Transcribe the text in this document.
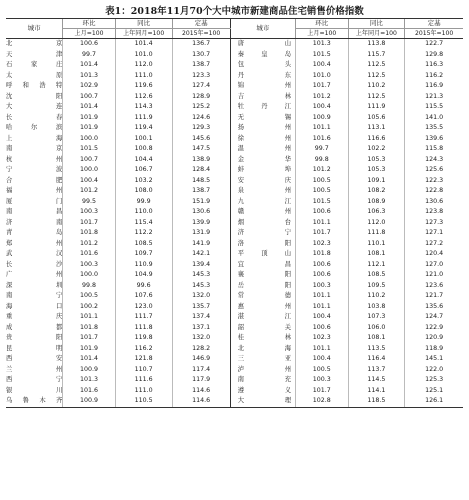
表1：2018年11月70个大中城市新建商品住宅销售价格指数
城市	环比	同比	定基	城市	环比	同比	定基
	上月=100	上年同月=100	2015年=100		上月=100	上年同月=100	2015年=100
北京	100.6	101.4	136.7	唐山	101.3	113.8	122.7
天津	99.7	101.0	130.7	秦皇岛	101.5	115.7	129.8
石家庄	101.4	112.0	138.7	包头	100.4	112.5	116.3
太原	101.3	111.0	123.3	丹东	101.0	112.5	116.2
呼和浩特	102.9	119.6	127.4	锦州	101.7	110.2	116.9
沈阳	100.7	112.6	128.9	吉林	101.2	112.5	121.3
大连	101.4	114.3	125.2	牡丹江	100.4	111.9	115.5
长春	101.9	111.9	124.6	无锡	100.9	105.6	141.0
哈尔滨	101.9	119.4	129.3	扬州	101.1	113.1	135.5
上海	100.0	100.1	145.6	徐州	101.6	116.6	139.6
南京	101.5	100.8	147.5	温州	99.7	102.2	115.8
杭州	100.7	104.4	138.9	金华	99.8	105.3	124.3
宁波	100.0	106.7	128.4	蚌埠	101.2	105.3	125.6
合肥	100.4	103.2	148.5	安庆	100.5	109.1	122.3
福州	101.2	108.0	138.7	泉州	100.5	108.2	122.8
厦门	99.5	99.9	151.9	九江	101.5	108.9	130.6
南昌	100.3	110.0	130.6	赣州	100.6	106.3	123.8
济南	101.7	115.4	139.9	烟台	101.1	112.0	127.3
青岛	101.8	112.2	131.9	济宁	101.7	111.8	127.1
郑州	101.2	108.5	141.9	洛阳	102.3	110.1	127.2
武汉	101.6	109.7	142.1	平顶山	101.8	108.1	120.4
长沙	100.3	110.9	139.4	宜昌	100.6	112.1	127.0
广州	100.0	104.9	145.3	襄阳	100.6	108.5	121.0
深圳	99.8	99.6	145.3	岳阳	100.3	109.5	123.6
南宁	100.5	107.6	132.0	常德	101.1	110.2	121.7
海口	100.2	123.0	135.7	惠州	101.1	103.8	135.6
重庆	101.1	111.7	137.4	湛江	100.4	107.3	124.7
成都	101.8	111.8	137.1	韶关	100.6	106.0	122.9
贵阳	101.7	119.8	132.0	桂林	102.3	108.1	120.9
昆明	101.9	116.2	128.2	北海	101.1	113.5	118.9
西安	101.4	121.8	146.9	三亚	100.4	116.4	145.1
兰州	100.9	110.7	117.4	泸州	100.5	113.7	122.0
西宁	101.3	111.6	117.9	南充	100.3	114.5	125.3
银川	101.6	111.0	114.6	遵义	101.7	114.1	125.1
乌鲁木齐	100.9	110.5	114.6	大理	102.8	118.5	126.1
